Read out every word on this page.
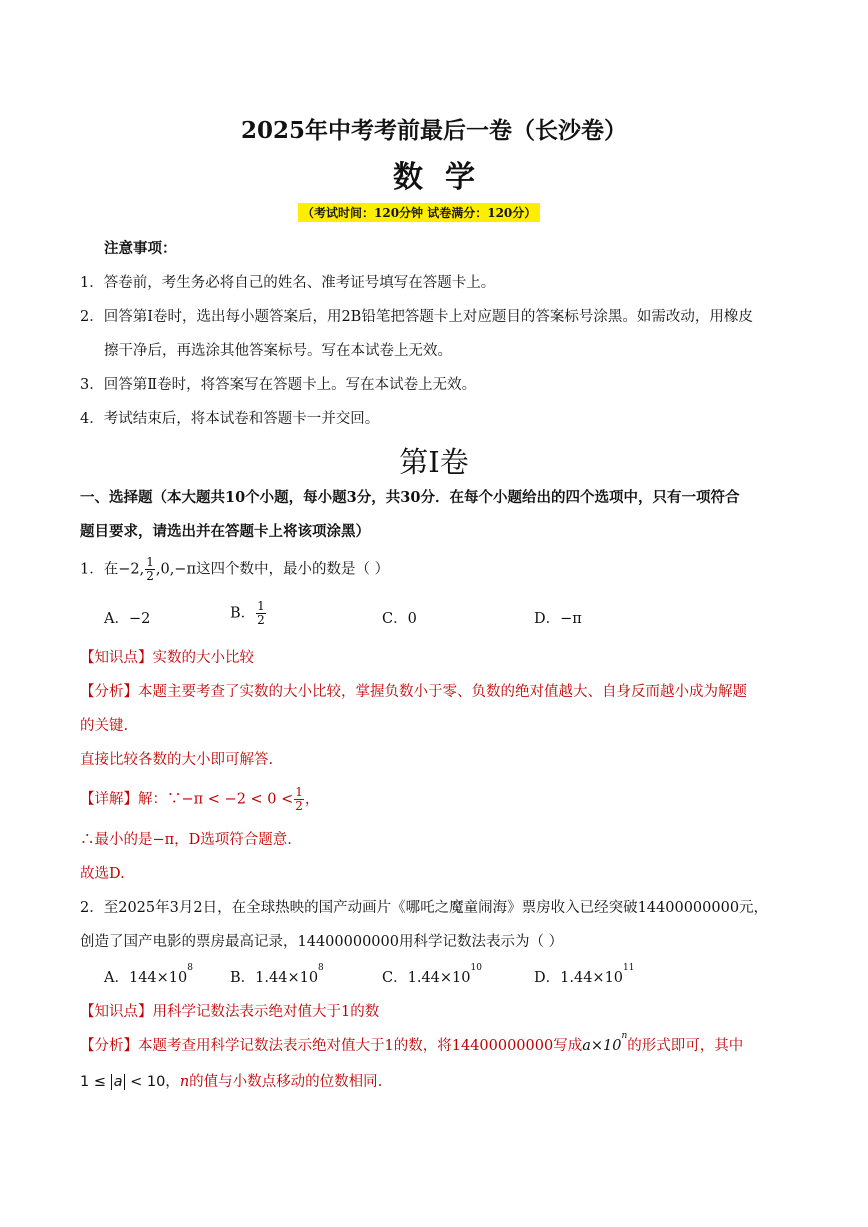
2025年中考考前最后一卷（长沙卷）
数学
（考试时间：120分钟 试卷满分：120分）
注意事项：
1．答卷前，考生务必将自己的姓名、准考证号填写在答题卡上。
2．回答第Ⅰ卷时，选出每小题答案后，用2B铅笔把答题卡上对应题目的答案标号涂黑。如需改动，用橡皮
擦干净后，再选涂其他答案标号。写在本试卷上无效。
3．回答第Ⅱ卷时，将答案写在答题卡上。写在本试卷上无效。
4．考试结束后，将本试卷和答题卡一并交回。
第Ⅰ卷
一、选择题（本大题共10个小题，每小题3分，共30分．在每个小题给出的四个选项中，只有一项符合
题目要求，请选出并在答题卡上将该项涂黑）
1．在−2, $\frac{1}{2} ,0,-\pi$这四个数中，最小的数是（ ）
A．−2	B． $\frac{1}{2}$	C．0	D．−π
【知识点】实数的大小比较
【分析】本题主要考查了实数的大小比较，掌握负数小于零、负数的绝对值越大、自身反而越小成为解题
的关键.
直接比较各数的大小即可解答.
【详解】解：∵−π < $-2 < 0 < \frac{1}{2}$ ，
∴最小的是−π，D选项符合题意.
故选D.
2．至2025年3月2日，在全球热映的国产动画片《哪吒之魔童闹海》票房收入已经突破14400000000元，
创造了国产电影的票房最高记录，14400000000用科学记数法表示为（ ）
A．$144\times 10^8$
B．$1.44\times 10^8$
C．$1.44\times 10^{10}$
D．$1.44\times 10^{11}$
【知识点】用科学记数法表示绝对值大于1的数
【分析】本题考查用科学记数法表示绝对值大于1的数，将14400000000写成$a\times 10^n$的形式即可，其中
1 ≤ a < 10，n的值与小数点移动的位数相同.
